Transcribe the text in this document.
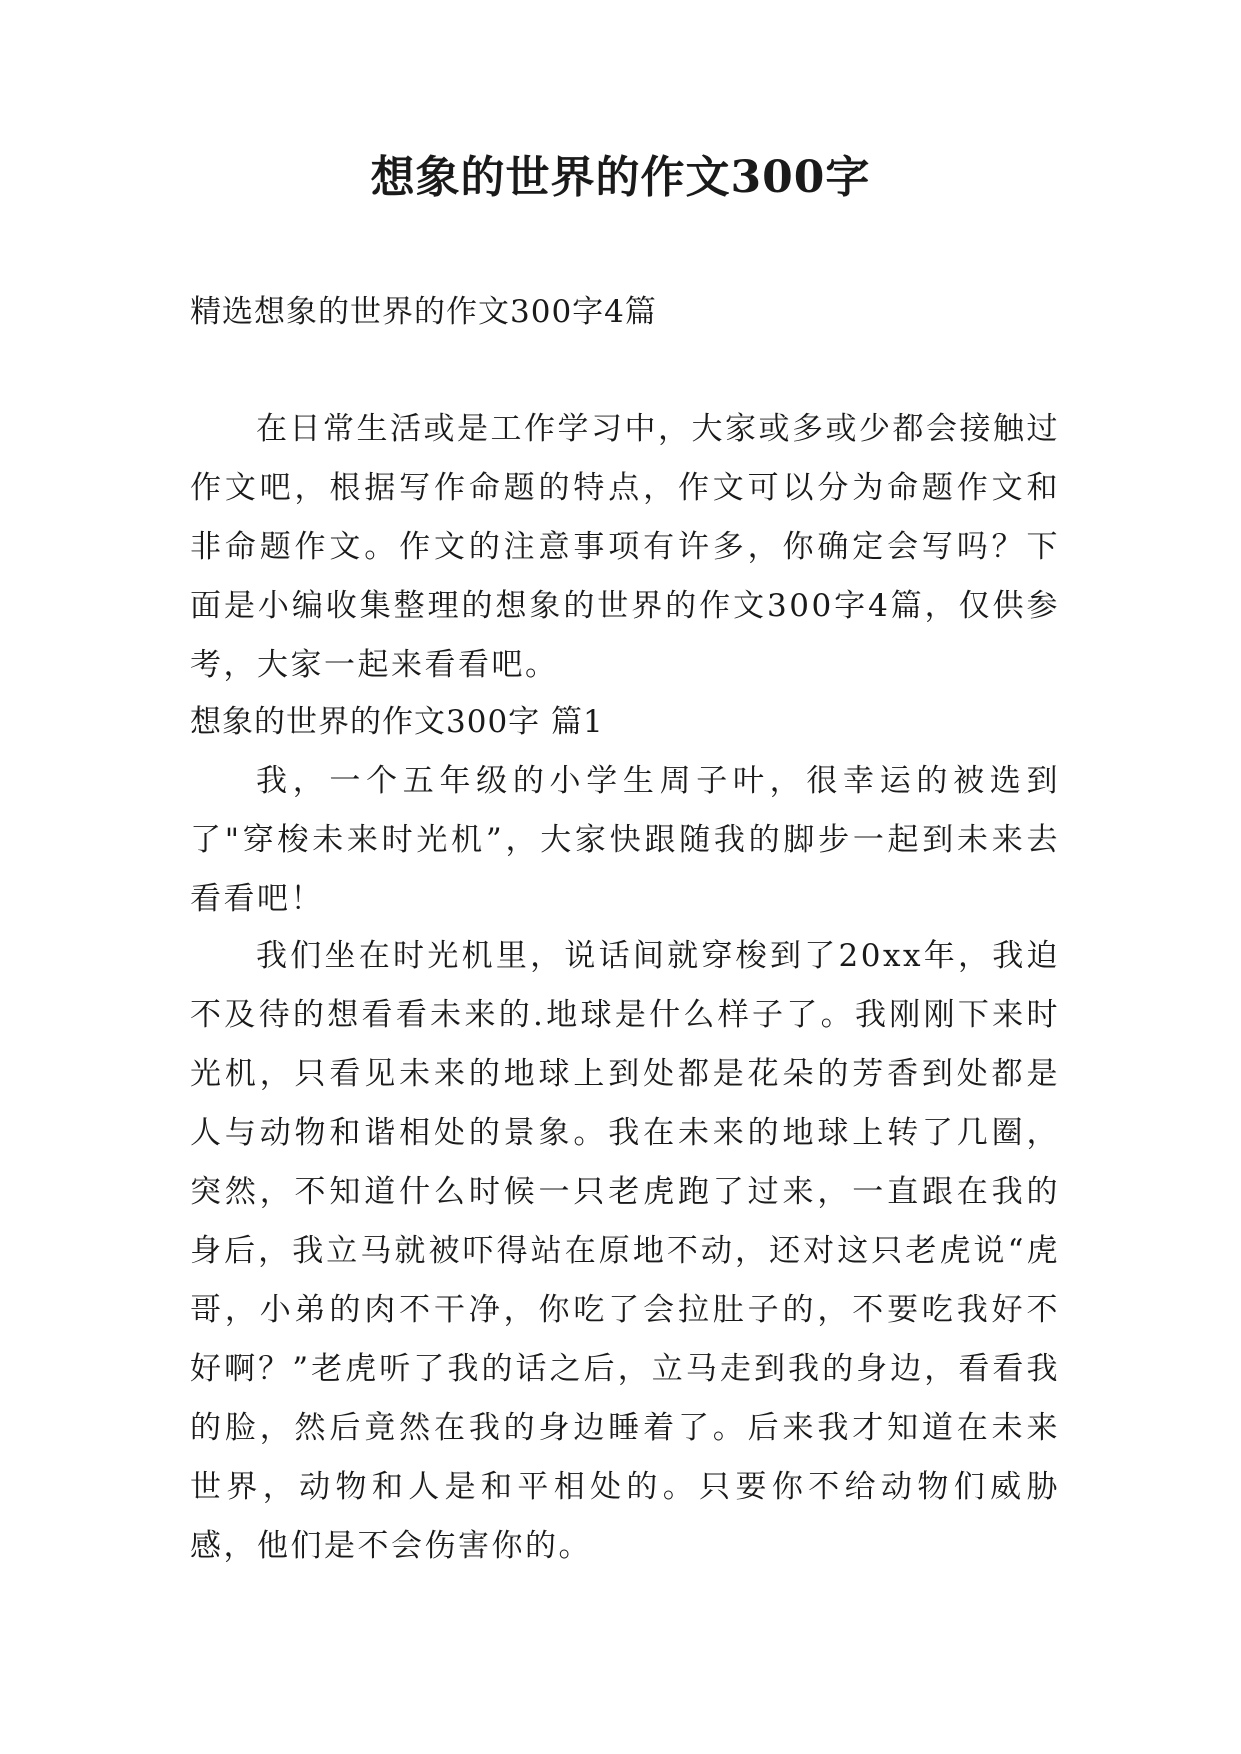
想象的世界的作文300字

精选想象的世界的作文300字4篇

在日常生活或是工作学习中，大家或多或少都会接触过作文吧，根据写作命题的特点，作文可以分为命题作文和非命题作文。作文的注意事项有许多，你确定会写吗？下面是小编收集整理的想象的世界的作文300字4篇，仅供参考，大家一起来看看吧。

想象的世界的作文300字 篇1

我，一个五年级的小学生周子叶，很幸运的被选到了"穿梭未来时光机”，大家快跟随我的脚步一起到未来去看看吧！

我们坐在时光机里，说话间就穿梭到了20xx年，我迫不及待的想看看未来的.地球是什么样子了。我刚刚下来时光机，只看见未来的地球上到处都是花朵的芳香到处都是人与动物和谐相处的景象。我在未来的地球上转了几圈，突然，不知道什么时候一只老虎跑了过来，一直跟在我的身后，我立马就被吓得站在原地不动，还对这只老虎说“虎哥，小弟的肉不干净，你吃了会拉肚子的，不要吃我好不好啊？”老虎听了我的话之后，立马走到我的身边，看看我的脸，然后竟然在我的身边睡着了。后来我才知道在未来世界，动物和人是和平相处的。只要你不给动物们威胁感，他们是不会伤害你的。
